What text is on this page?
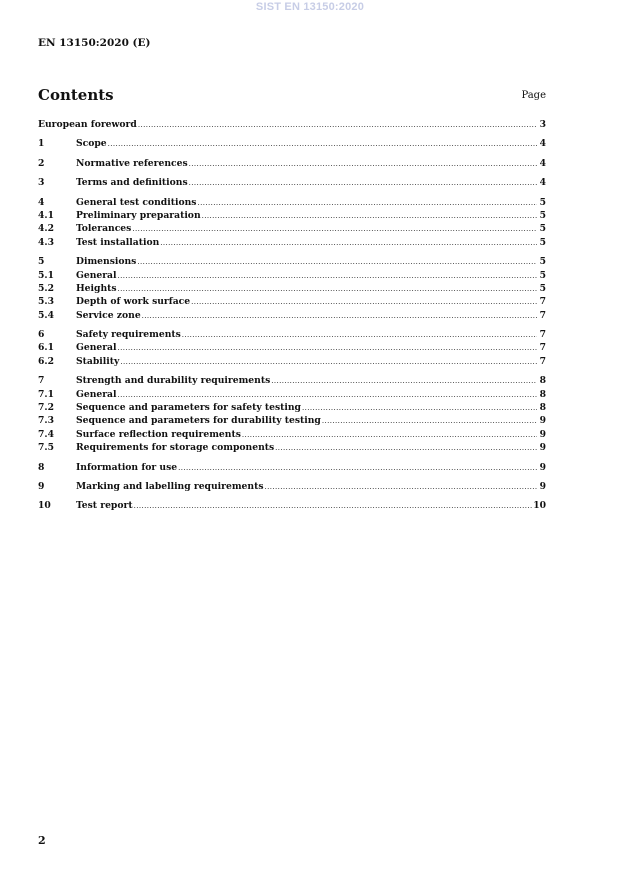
SIST EN 13150:2020
EN 13150:2020 (E)
Contents	Page
European foreword .....	3
1	Scope .....	4
2	Normative references .....	4
3	Terms and definitions .....	4
4	General test conditions .....	5
4.1	Preliminary preparation .....	5
4.2	Tolerances .....	5
4.3	Test installation .....	5
5	Dimensions .....	5
5.1	General .....	5
5.2	Heights .....	5
5.3	Depth of work surface .....	7
5.4	Service zone .....	7
6	Safety requirements .....	7
6.1	General .....	7
6.2	Stability .....	7
7	Strength and durability requirements .....	8
7.1	General .....	8
7.2	Sequence and parameters for safety testing .....	8
7.3	Sequence and parameters for durability testing .....	9
7.4	Surface reflection requirements .....	9
7.5	Requirements for storage components .....	9
8	Information for use .....	9
9	Marking and labelling requirements .....	9
10	Test report .....	10
2
